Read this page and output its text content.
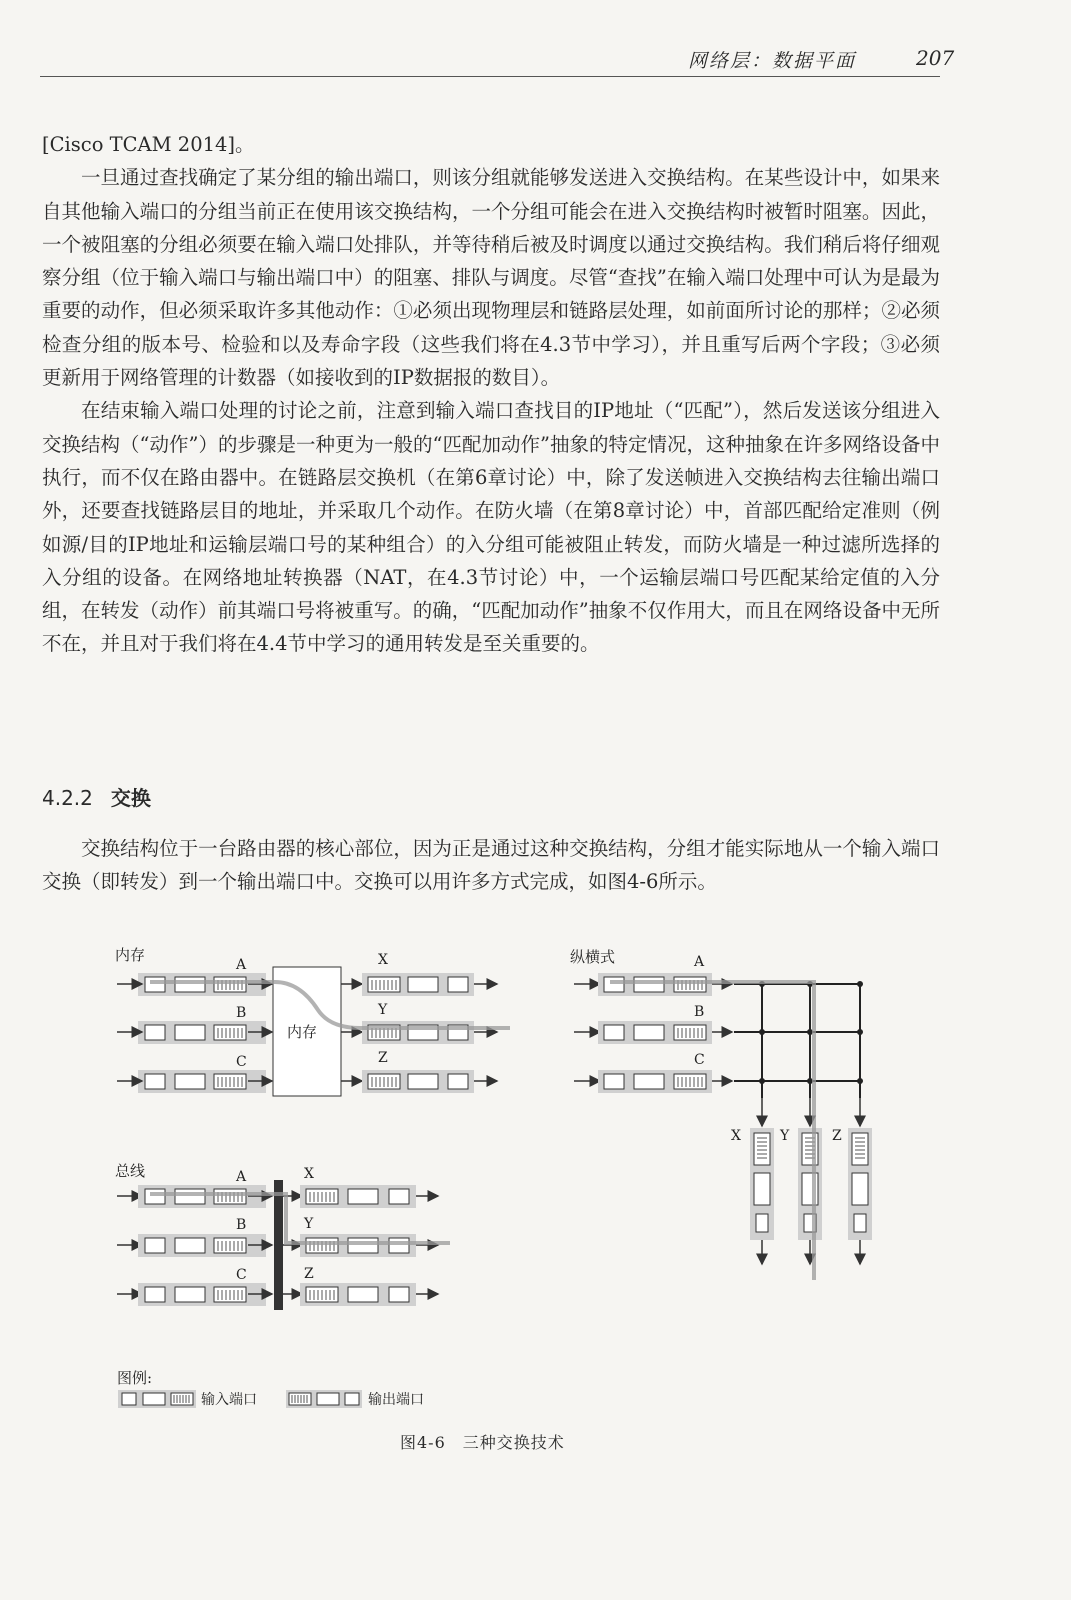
网络层：数据平面	207

[Cisco TCAM 2014]。

一旦通过查找确定了某分组的输出端口，则该分组就能够发送进入交换结构。在某些设计中，如果来自其他输入端口的分组当前正在使用该交换结构，一个分组可能会在进入交换结构时被暂时阻塞。因此，一个被阻塞的分组必须要在输入端口处排队，并等待稍后被及时调度以通过交换结构。我们稍后将仔细观察分组（位于输入端口与输出端口中）的阻塞、排队与调度。尽管“查找”在输入端口处理中可认为是最为重要的动作，但必须采取许多其他动作：①必须出现物理层和链路层处理，如前面所讨论的那样；②必须检查分组的版本号、检验和以及寿命字段（这些我们将在4.3节中学习），并且重写后两个字段；③必须更新用于网络管理的计数器（如接收到的IP数据报的数目）。

在结束输入端口处理的讨论之前，注意到输入端口查找目的IP地址（“匹配”），然后发送该分组进入交换结构（“动作”）的步骤是一种更为一般的“匹配加动作”抽象的特定情况，这种抽象在许多网络设备中执行，而不仅在路由器中。在链路层交换机（在第6章讨论）中，除了发送帧进入交换结构去往输出端口外，还要查找链路层目的地址，并采取几个动作。在防火墙（在第8章讨论）中，首部匹配给定准则（例如源/目的IP地址和运输层端口号的某种组合）的入分组可能被阻止转发，而防火墙是一种过滤所选择的入分组的设备。在网络地址转换器（NAT，在4.3节讨论）中，一个运输层端口号匹配某给定值的入分组，在转发（动作）前其端口号将被重写。的确，“匹配加动作”抽象不仅作用大，而且在网络设备中无所不在，并且对于我们将在4.4节中学习的通用转发是至关重要的。

4.2.2 交换

交换结构位于一台路由器的核心部位，因为正是通过这种交换结构，分组才能实际地从一个输入端口交换（即转发）到一个输出端口中。交换可以用许多方式完成，如图4-6所示。

内存
A
B
C
内存
X
Y
Z
纵横式	A
B
C
X	Y	Z
总线	A
B
C
X
Y
Z
图例:
输入端口	输出端口
图4-6　三种交换技术
